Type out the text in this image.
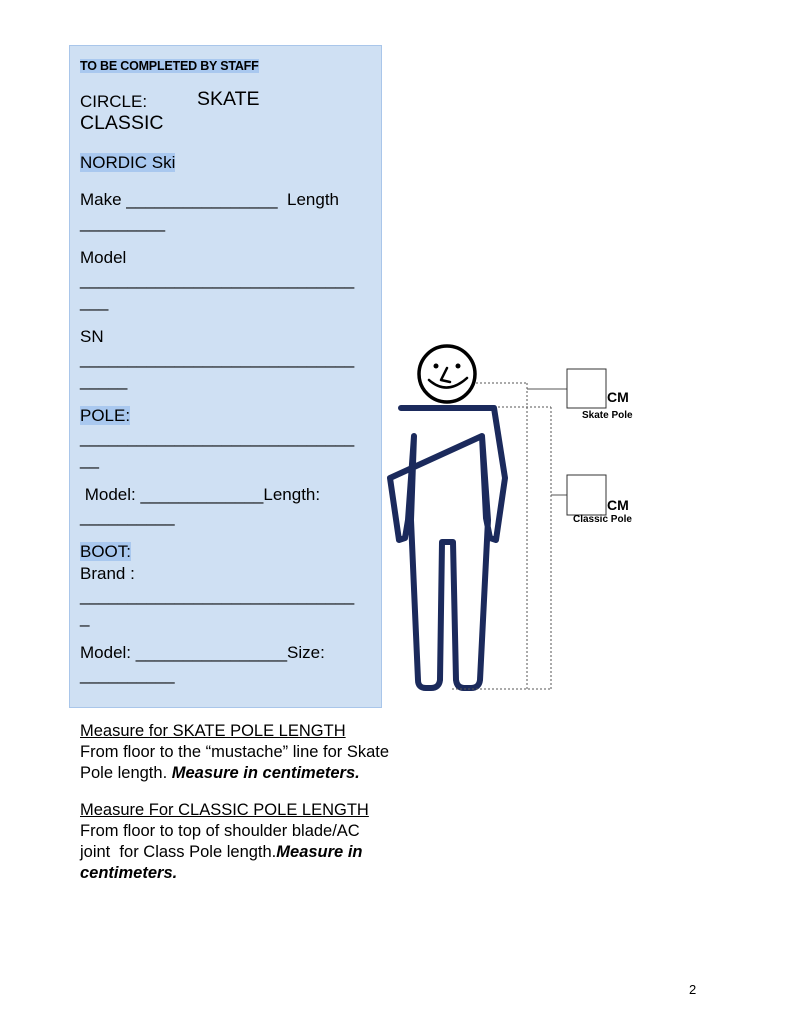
TO BE COMPLETED BY STAFF
CIRCLE:	SKATE
CLASSIC
NORDIC Ski
Make ________________  Length
_________
Model
_____________________________
___
SN
_____________________________
_____
POLE:
_____________________________
__
Model: _____________Length:
__________
BOOT:
Brand :
_____________________________
_
Model: ________________Size:
__________
CM
Skate Pole
CM
Classic Pole
Measure for SKATE POLE LENGTH
From floor to the “mustache” line for Skate
Pole length. Measure in centimeters.
Measure For CLASSIC POLE LENGTH
From floor to top of shoulder blade/AC
joint  for Class Pole length.Measure in
centimeters.
2
